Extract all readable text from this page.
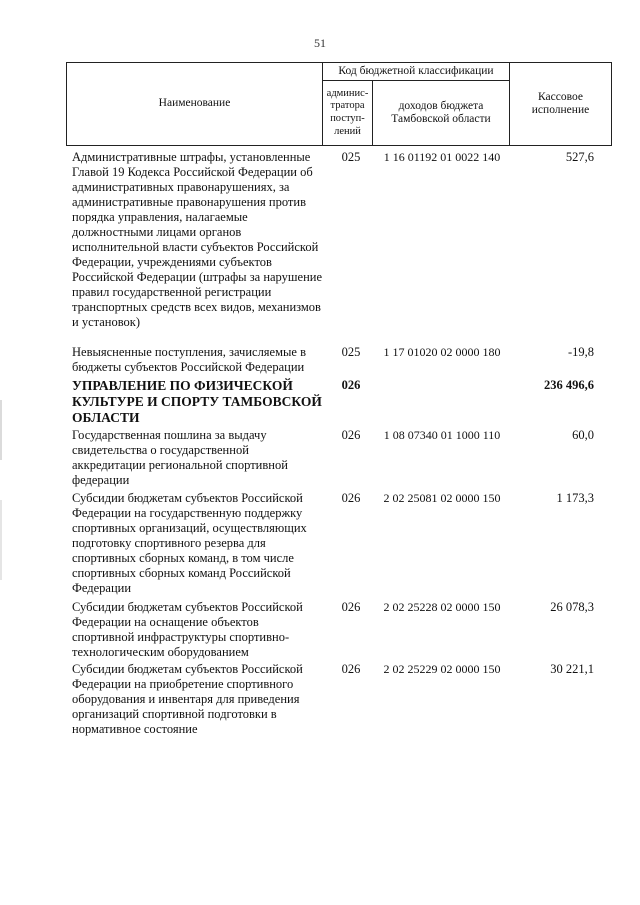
51
Наименование
Код бюджетной классификации
админис-тратора поступ-лений
доходов бюджета Тамбовской области
Кассовое исполнение
Административные штрафы, установленные Главой 19 Кодекса Российской Федерации об административных правонарушениях, за административные правонарушения против порядка управления, налагаемые должностными лицами органов исполнительной власти субъектов Российской Федерации, учреждениями субъектов Российской Федерации (штрафы за нарушение правил государственной регистрации транспортных средств всех видов, механизмов и установок)
025	1 16 01192 01 0022 140	527,6
Невыясненные поступления, зачисляемые в бюджеты субъектов Российской Федерации
025	1 17 01020 02 0000 180	-19,8
УПРАВЛЕНИЕ ПО ФИЗИЧЕСКОЙ КУЛЬТУРЕ И СПОРТУ ТАМБОВСКОЙ ОБЛАСТИ
026	236 496,6
Государственная пошлина за выдачу свидетельства о государственной аккредитации региональной спортивной федерации
026	1 08 07340 01 1000 110	60,0
Субсидии бюджетам субъектов Российской Федерации на государственную поддержку спортивных организаций, осуществляющих подготовку спортивного резерва для спортивных сборных команд, в том числе спортивных сборных команд Российской Федерации
026	2 02 25081 02 0000 150	1 173,3
Субсидии бюджетам субъектов Российской Федерации на оснащение объектов спортивной инфраструктуры спортивно-технологическим оборудованием
026	2 02 25228 02 0000 150	26 078,3
Субсидии бюджетам субъектов Российской Федерации на приобретение спортивного оборудования и инвентаря для приведения организаций спортивной подготовки в нормативное состояние
026	2 02 25229 02 0000 150	30 221,1
